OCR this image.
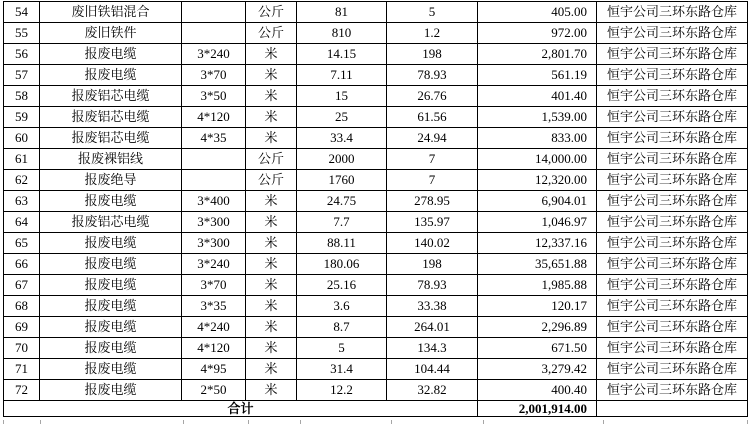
54	废旧铁铝混合		公斤	81	5	405.00	恒宇公司三环东路仓库
55	废旧铁件		公斤	810	1.2	972.00	恒宇公司三环东路仓库
56	报废电缆	3*240	米	14.15	198	2,801.70	恒宇公司三环东路仓库
57	报废电缆	3*70	米	7.11	78.93	561.19	恒宇公司三环东路仓库
58	报废铝芯电缆	3*50	米	15	26.76	401.40	恒宇公司三环东路仓库
59	报废铝芯电缆	4*120	米	25	61.56	1,539.00	恒宇公司三环东路仓库
60	报废铝芯电缆	4*35	米	33.4	24.94	833.00	恒宇公司三环东路仓库
61	报废裸铝线		公斤	2000	7	14,000.00	恒宇公司三环东路仓库
62	报废绝导		公斤	1760	7	12,320.00	恒宇公司三环东路仓库
63	报废电缆	3*400	米	24.75	278.95	6,904.01	恒宇公司三环东路仓库
64	报废铝芯电缆	3*300	米	7.7	135.97	1,046.97	恒宇公司三环东路仓库
65	报废电缆	3*300	米	88.11	140.02	12,337.16	恒宇公司三环东路仓库
66	报废电缆	3*240	米	180.06	198	35,651.88	恒宇公司三环东路仓库
67	报废电缆	3*70	米	25.16	78.93	1,985.88	恒宇公司三环东路仓库
68	报废电缆	3*35	米	3.6	33.38	120.17	恒宇公司三环东路仓库
69	报废电缆	4*240	米	8.7	264.01	2,296.89	恒宇公司三环东路仓库
70	报废电缆	4*120	米	5	134.3	671.50	恒宇公司三环东路仓库
71	报废电缆	4*95	米	31.4	104.44	3,279.42	恒宇公司三环东路仓库
72	报废电缆	2*50	米	12.2	32.82	400.40	恒宇公司三环东路仓库
合计						2,001,914.00	
